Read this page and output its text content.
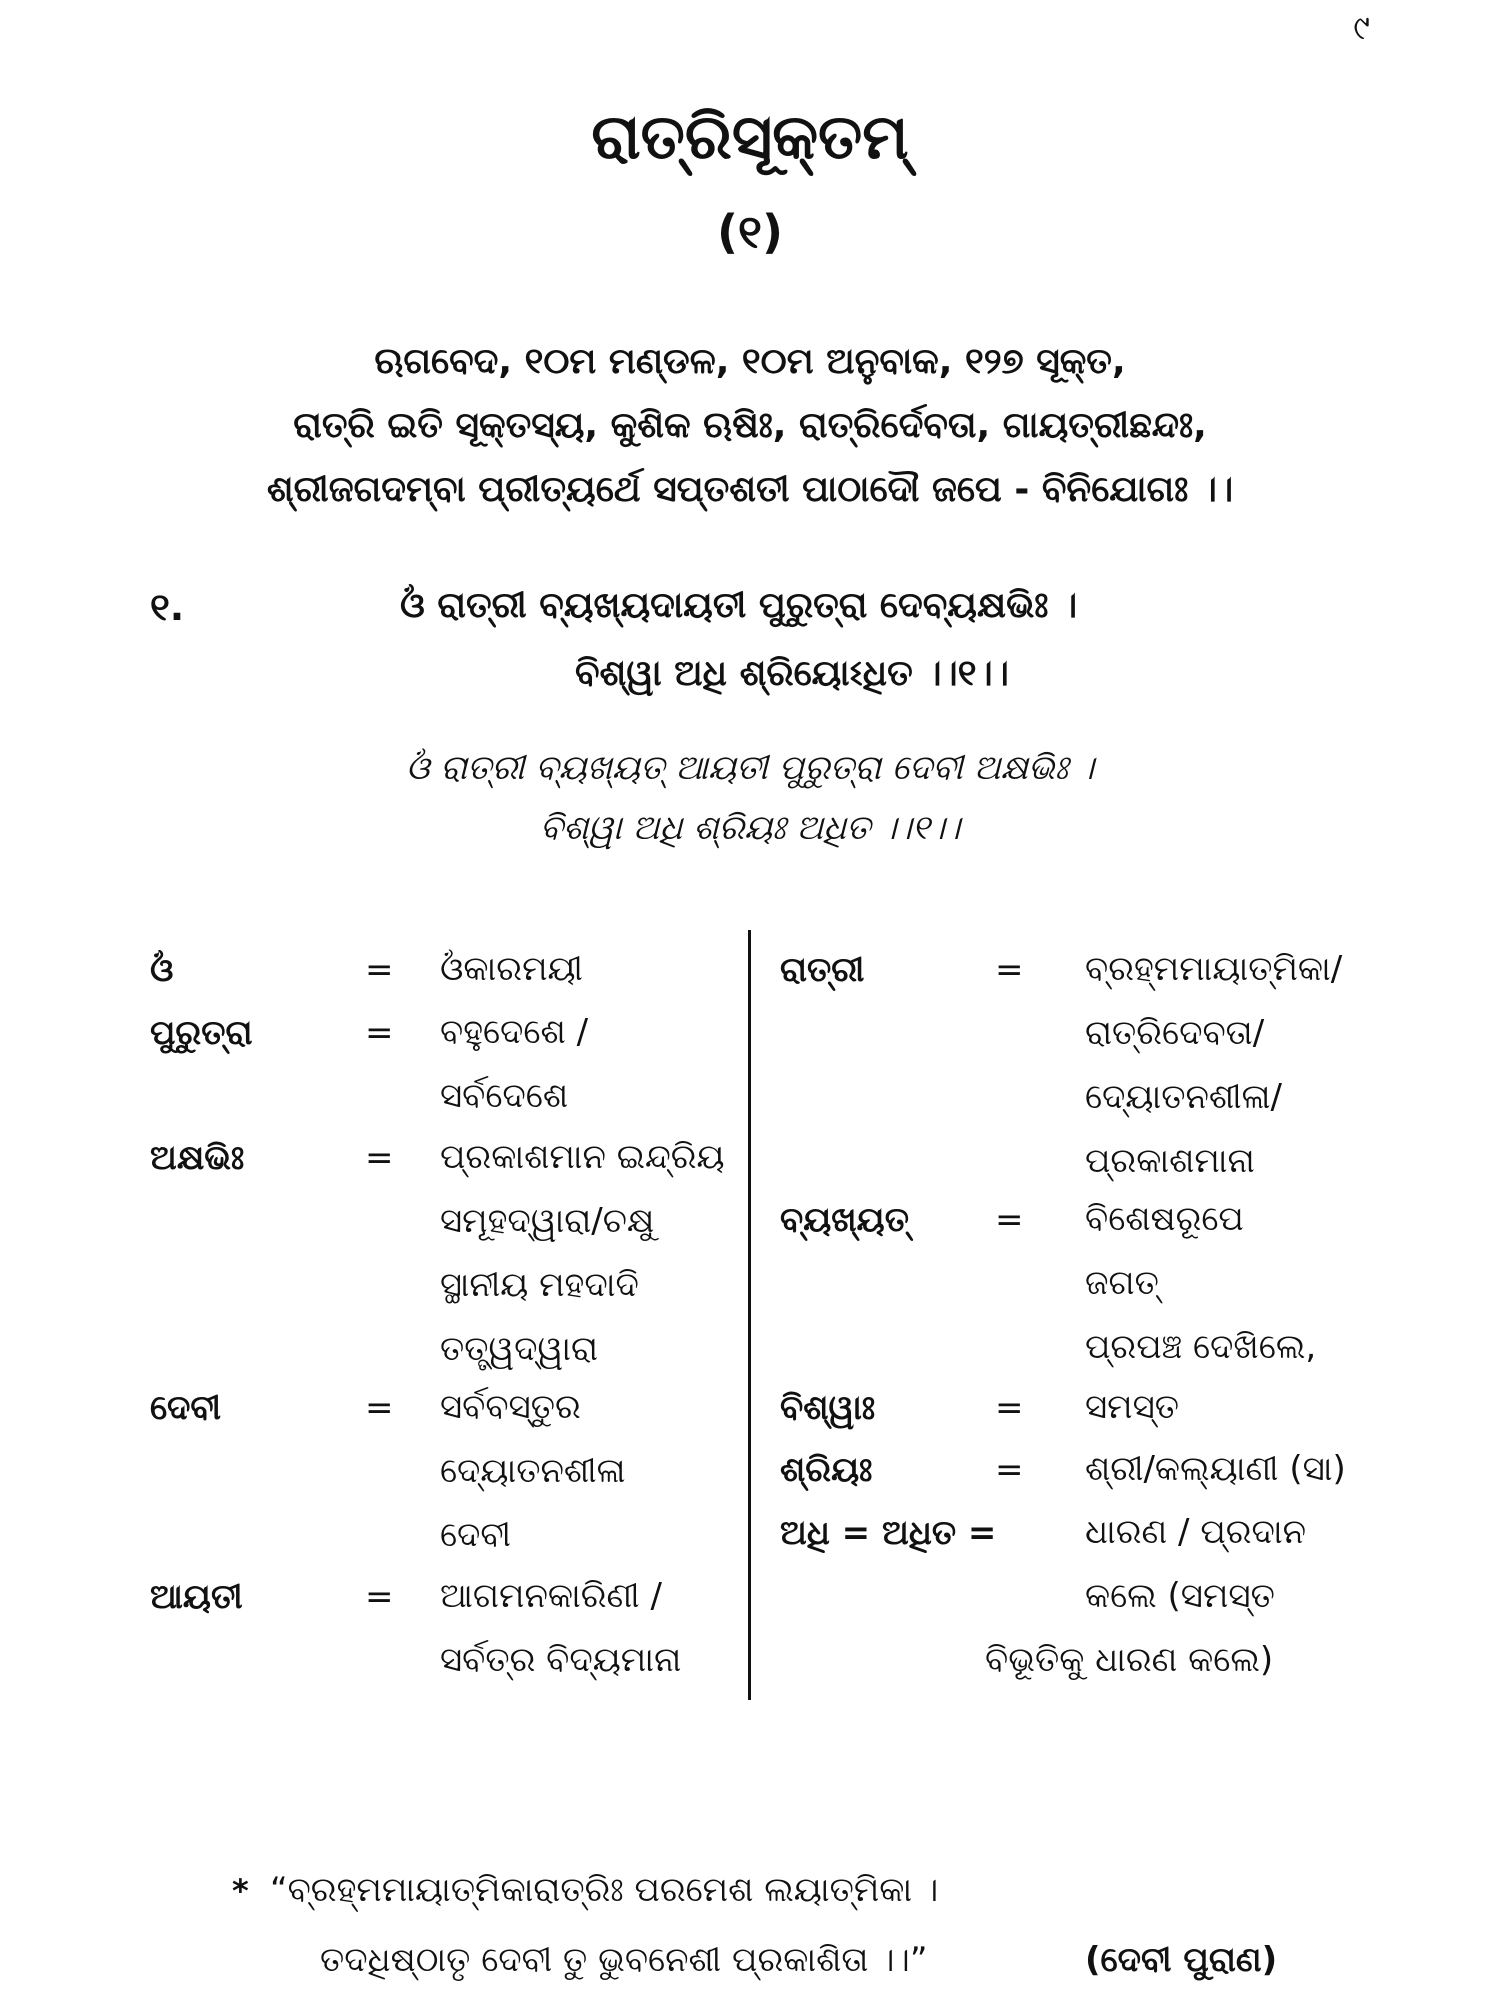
୯
ରାତ୍ରିସୂକ୍ତମ୍
(୧)
ଋଗବେଦ, ୧୦ମ ମଣ୍ଡଳ, ୧୦ମ ଅନୁବାକ, ୧୨୭ ସୂକ୍ତ,
ରାତ୍ରି ଇତି ସୂକ୍ତସ୍ୟ, କୁଶିକ ଋଷିଃ, ରାତ୍ରିର୍ଦେବତା, ଗାୟତ୍ରୀଛନ୍ଦଃ,
ଶ୍ରୀଜଗଦମ୍ବା ପ୍ରୀତ୍ୟର୍ଥେ ସପ୍ତଶତୀ ପାଠାଦୌ ଜପେ - ବିନିଯୋଗଃ ।।
୧.	ଓଁ ରାତ୍ରୀ ବ୍ୟଖ୍ୟଦାୟତୀ ପୁରୁତ୍ରା ଦେବ୍ୟକ୍ଷଭିଃ ।
ବିଶ୍ୱା ଅଧି ଶ୍ରିୟୋଽଧିତ ।।୧।।
ଓଁ ରାତ୍ରୀ ବ୍ୟଖ୍ୟତ୍ ଆୟତୀ ପୁରୁତ୍ରା ଦେବୀ ଅକ୍ଷଭିଃ ।
ବିଶ୍ୱା ଅଧି ଶ୍ରିୟଃ ଅଧିତ ।।୧।।
ଓଁ	= ଓଁକାରମୟୀ
ପୁରୁତ୍ରା	= ବହୁଦେଶେ /
ସର୍ବଦେଶେ
ଅକ୍ଷଭିଃ	= ପ୍ରକାଶମାନ ଇନ୍ଦ୍ରିୟ
ସମୂହଦ୍ୱାରା/ଚକ୍ଷୁ
ସ୍ଥାନୀୟ ମହଦାଦି
ତତ୍ତ୍ୱଦ୍ୱାରା
ଦେବୀ	= ସର୍ବବସ୍ତୁର
ଦ୍ୟୋତନଶୀଳା
ଦେବୀ
ଆୟତୀ	= ଆଗମନକାରିଣୀ /
ସର୍ବତ୍ର ବିଦ୍ୟମାନା
ରାତ୍ରୀ	= ବ୍ରହ୍ମମାୟାତ୍ମିକା/
ରାତ୍ରିଦେବତା/
ଦ୍ୟୋତନଶୀଳା/
ପ୍ରକାଶମାନା
ବ୍ୟଖ୍ୟତ୍	= ବିଶେଷରୂପେ
ଜଗତ୍
ପ୍ରପଞ୍ଚ ଦେଖିଲେ,
ବିଶ୍ୱାଃ	= ସମସ୍ତ
ଶ୍ରିୟଃ	= ଶ୍ରୀ/କଲ୍ୟାଣୀ (ସା)
ଅଧି = ଅଧିତ =	ଧାରଣ / ପ୍ରଦାନ
କଲେ (ସମସ୍ତ
ବିଭୂତିକୁ ଧାରଣ କଲେ)
* “ବ୍ରହ୍ମମାୟାତ୍ମିକାରାତ୍ରିଃ ପରମେଶ ଲୟାତ୍ମିକା ।
ତଦଧିଷ୍ଠାତୃ ଦେବୀ ତୁ ଭୁବନେଶୀ ପ୍ରକାଶିତା ।।”	(ଦେବୀ ପୁରାଣ)
